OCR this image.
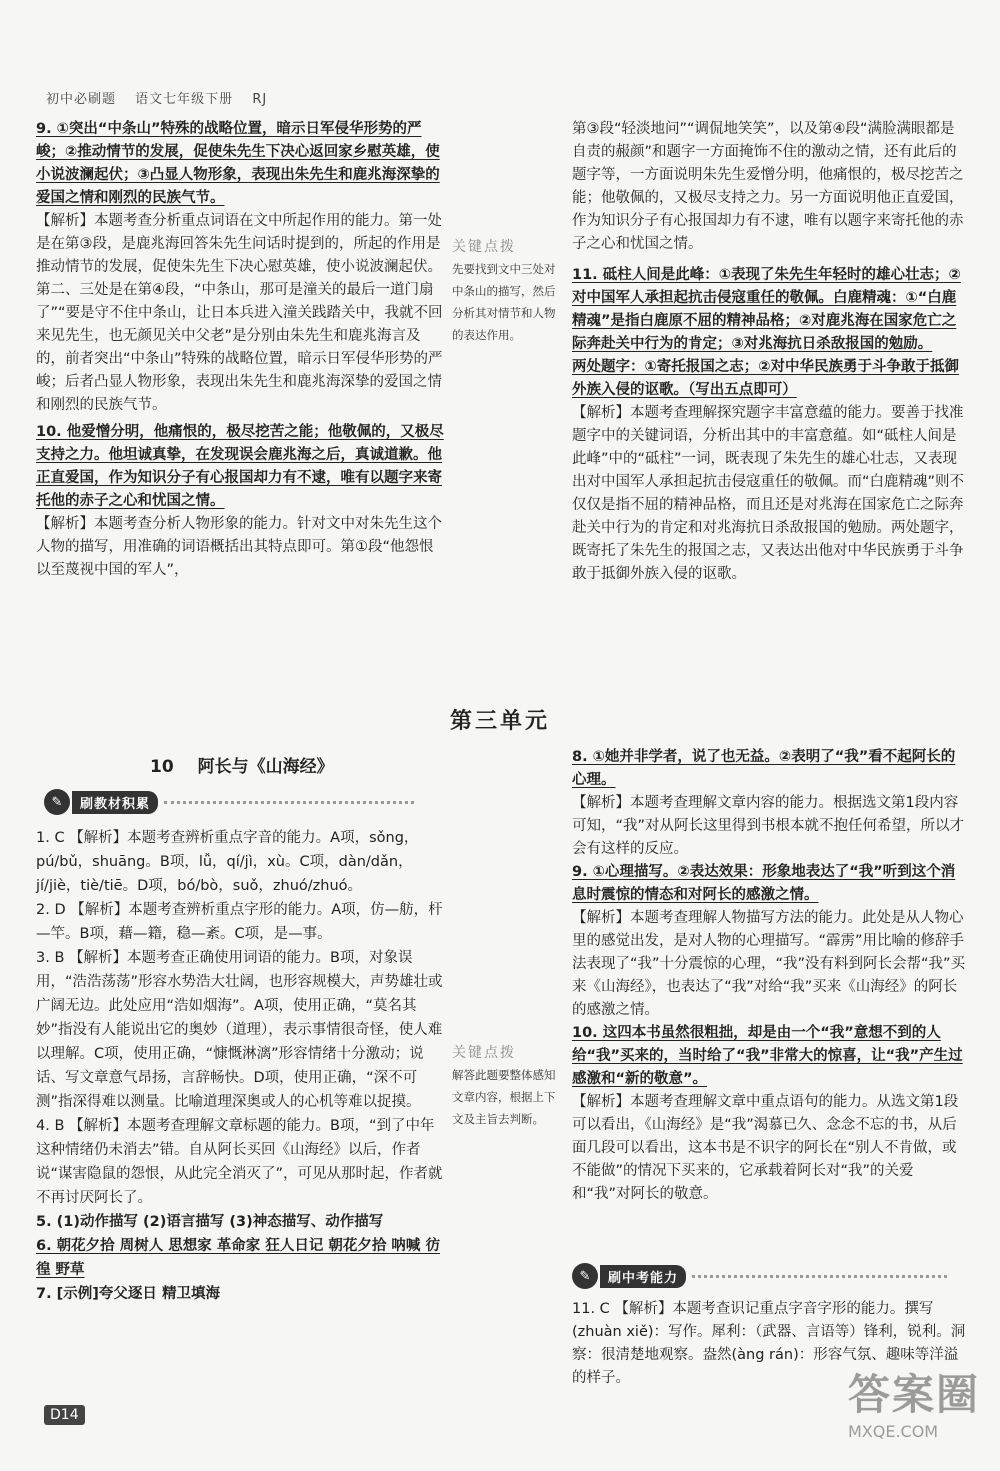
初中必刷题 语文七年级下册 RJ

9. ①突出“中条山”特殊的战略位置，暗示日军侵华形势的严峻；②推动情节的发展，促使朱先生下决心返回家乡慰英雄，使小说波澜起伏；③凸显人物形象，表现出朱先生和鹿兆海深挚的爱国之情和刚烈的民族气节。

【解析】本题考查分析重点词语在文中所起作用的能力。第一处是在第③段，是鹿兆海回答朱先生问话时提到的，所起的作用是推动情节的发展，促使朱先生下决心慰英雄，使小说波澜起伏。第二、三处是在第④段，“中条山，那可是潼关的最后一道门扇了”“要是守不住中条山，让日本兵进入潼关践踏关中，我就不回来见先生，也无颜见关中父老”是分别由朱先生和鹿兆海言及的，前者突出“中条山”特殊的战略位置，暗示日军侵华形势的严峻；后者凸显人物形象，表现出朱先生和鹿兆海深挚的爱国之情和刚烈的民族气节。

10. 他爱憎分明，他痛恨的，极尽挖苦之能；他敬佩的，又极尽支持之力。他坦诚真挚，在发现误会鹿兆海之后，真诚道歉。他正直爱国，作为知识分子有心报国却力有不逮，唯有以题字来寄托他的赤子之心和忧国之情。

【解析】本题考查分析人物形象的能力。针对文中对朱先生这个人物的描写，用准确的词语概括出其特点即可。第①段“他怨恨以至蔑视中国的军人”，

关键点拨
先要找到文中三处对中条山的描写，然后分析其对情节和人物的表达作用。

第③段“轻淡地问”“调侃地笑笑”，以及第④段“满脸满眼都是自责的赧颜”和题字一方面掩饰不住的激动之情，还有此后的题字等，一方面说明朱先生爱憎分明，他痛恨的，极尽挖苦之能；他敬佩的，又极尽支持之力。另一方面说明他正直爱国，作为知识分子有心报国却力有不逮，唯有以题字来寄托他的赤子之心和忧国之情。

11. 砥柱人间是此峰：①表现了朱先生年轻时的雄心壮志；②对中国军人承担起抗击侵寇重任的敬佩。白鹿精魂：①“白鹿精魂”是指白鹿原不屈的精神品格；②对鹿兆海在国家危亡之际奔赴关中行为的肯定；③对兆海抗日杀敌报国的勉励。

两处题字：①寄托报国之志；②对中华民族勇于斗争敢于抵御外族入侵的讴歌。（写出五点即可）

【解析】本题考查理解探究题字丰富意蕴的能力。要善于找准题字中的关键词语，分析出其中的丰富意蕴。如“砥柱人间是此峰”中的“砥柱”一词，既表现了朱先生的雄心壮志，又表现出对中国军人承担起抗击侵寇重任的敬佩。而“白鹿精魂”则不仅仅是指不屈的精神品格，而且还是对兆海在国家危亡之际奔赴关中行为的肯定和对兆海抗日杀敌报国的勉励。两处题字，既寄托了朱先生的报国之志，又表达出他对中华民族勇于斗争敢于抵御外族入侵的讴歌。

第三单元
10 阿长与《山海经》
✎	刷教材积累

1. C 【解析】本题考查辨析重点字音的能力。A项，sǒng，pú/bǔ，shuāng。B项，lǚ，qí/jì，xù。C项，dàn/dǎn，jí/jiè，tiè/tiē。D项，bó/bò，suǒ，zhuó/zhuó。

2. D 【解析】本题考查辨析重点字形的能力。A项，仿—舫，杆—竿。B项，藉—籍，稳—紊。C项，是—事。

3. B 【解析】本题考查正确使用词语的能力。B项，对象误用，“浩浩荡荡”形容水势浩大壮阔，也形容规模大，声势雄壮或广阔无边。此处应用“浩如烟海”。A项，使用正确，“莫名其妙”指没有人能说出它的奥妙（道理），表示事情很奇怪，使人难以理解。C项，使用正确，“慷慨淋漓”形容情绪十分激动；说话、写文章意气昂扬，言辞畅快。D项，使用正确，“深不可测”指深得难以测量。比喻道理深奥或人的心机等难以捉摸。

4. B 【解析】本题考查理解文章标题的能力。B项，“到了中年这种情绪仍未消去”错。自从阿长买回《山海经》以后，作者说“谋害隐鼠的怨恨，从此完全消灭了”，可见从那时起，作者就不再讨厌阿长了。

5. (1)动作描写 (2)语言描写 (3)神态描写、动作描写

6. 朝花夕拾 周树人 思想家 革命家 狂人日记 朝花夕拾 呐喊 彷徨 野草

7. [示例]夸父逐日 精卫填海

8. ①她并非学者，说了也无益。②表明了“我”看不起阿长的心理。

【解析】本题考查理解文章内容的能力。根据选文第1段内容可知，“我”对从阿长这里得到书根本就不抱任何希望，所以才会有这样的反应。

9. ①心理描写。②表达效果：形象地表达了“我”听到这个消息时震惊的情态和对阿长的感激之情。

【解析】本题考查理解人物描写方法的能力。此处是从人物心里的感觉出发，是对人物的心理描写。“霹雳”用比喻的修辞手法表现了“我”十分震惊的心理，“我”没有料到阿长会帮“我”买来《山海经》，也表达了“我”对给“我”买来《山海经》的阿长的感激之情。

10. 这四本书虽然很粗拙，却是由一个“我”意想不到的人给“我”买来的，当时给了“我”非常大的惊喜，让“我”产生过感激和“新的敬意”。

【解析】本题考查理解文章中重点语句的能力。从选文第1段可以看出，《山海经》是“我”渴慕已久、念念不忘的书，从后面几段可以看出，这本书是不识字的阿长在“别人不肯做，或不能做”的情况下买来的，它承载着阿长对“我”的关爱和“我”对阿长的敬意。

关键点拨
解答此题要整体感知文章内容，根据上下文及主旨去判断。
✎	刷中考能力

11. C 【解析】本题考查识记重点字音字形的能力。撰写(zhuàn xiě)：写作。犀利：（武器、言语等）锋利，锐利。洞察：很清楚地观察。盎然(àng rán)：形容气氛、趣味等洋溢的样子。

D14	答案圈
MXQE.COM
